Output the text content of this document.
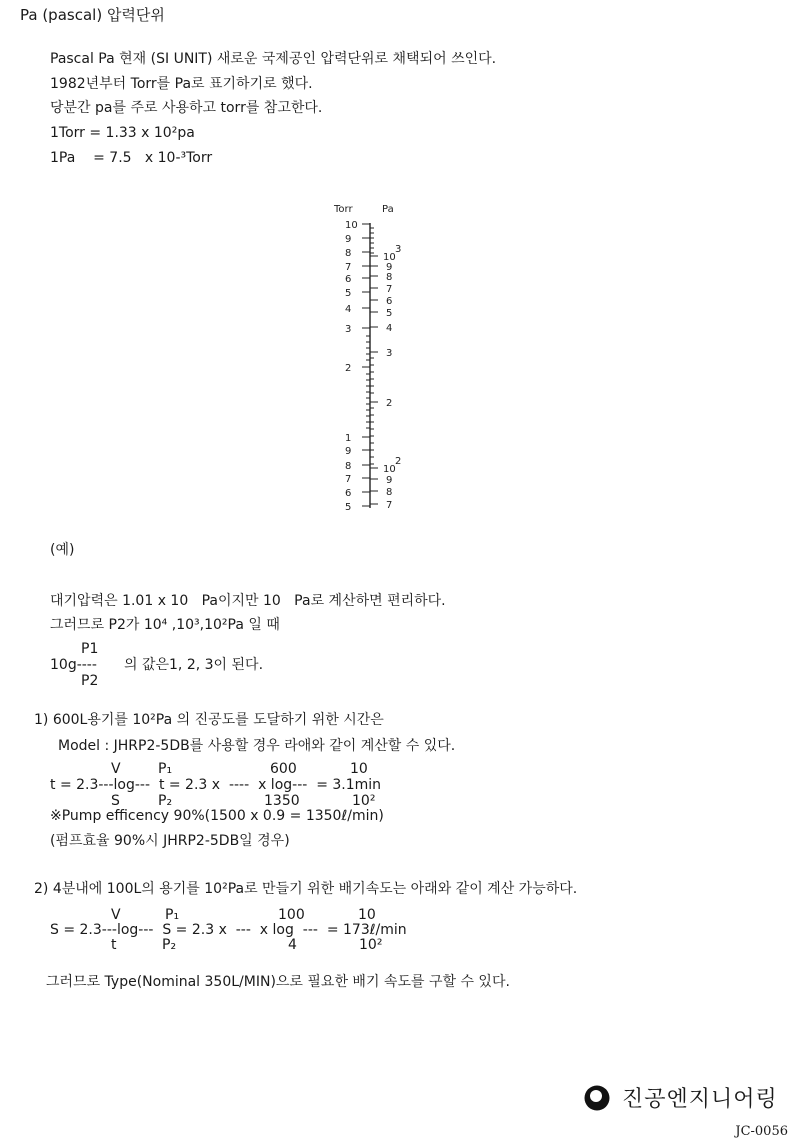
Pa (pascal) 압력단위
Pascal Pa 현재 (SI UNIT) 새로운 국제공인 압력단위로 채택되어 쓰인다.
1982년부터 Torr를 Pa로 표기하기로 했다.
당분간 pa를 주로 사용하고 torr를 참고한다.
1Torr = 1.33 x 10²pa
1Pa    = 7.5   x 10-³Torr
Torr	Pa
10
9
8
7
6
5
4
3
2
1
9
8
7
6
5
10
3
9
8
7
6
5
4
3
2
10
2
9
8
7
(예)
대기압력은 1.01 x 10   Pa이지만 10   Pa로 계산하면 편리하다.
그러므로 P2가 10⁴ ,10³,10²Pa 일 때
P1
10g---- 의 값은1, 2, 3이 된다.
P2
1) 600L용기를 10²Pa 의 진공도를 도달하기 위한 시간은
Model : JHRP2-5DB를 사용할 경우 라애와 같이 계산할 수 있다.
V	P₁	600	10
t = 2.3---log---  t = 2.3 x  ----  x log---  = 3.1min
S	P₂	1350	10²
※Pump efficency 90%(1500 x 0.9 = 1350ℓ/min)
(펌프효율 90%시 JHRP2-5DB일 경우)
2) 4분내에 100L의 용기를 10²Pa로 만들기 위한 배기속도는 아래와 같이 계산 가능하다.
V	P₁	100	10
S = 2.3---log---  S = 2.3 x  ---  x log  ---  = 173ℓ/min
t	P₂	4	10²
그러므로 Type(Nominal 350L/MIN)으로 필요한 배기 속도를 구할 수 있다.
진공엔지니어링
JC-0056
